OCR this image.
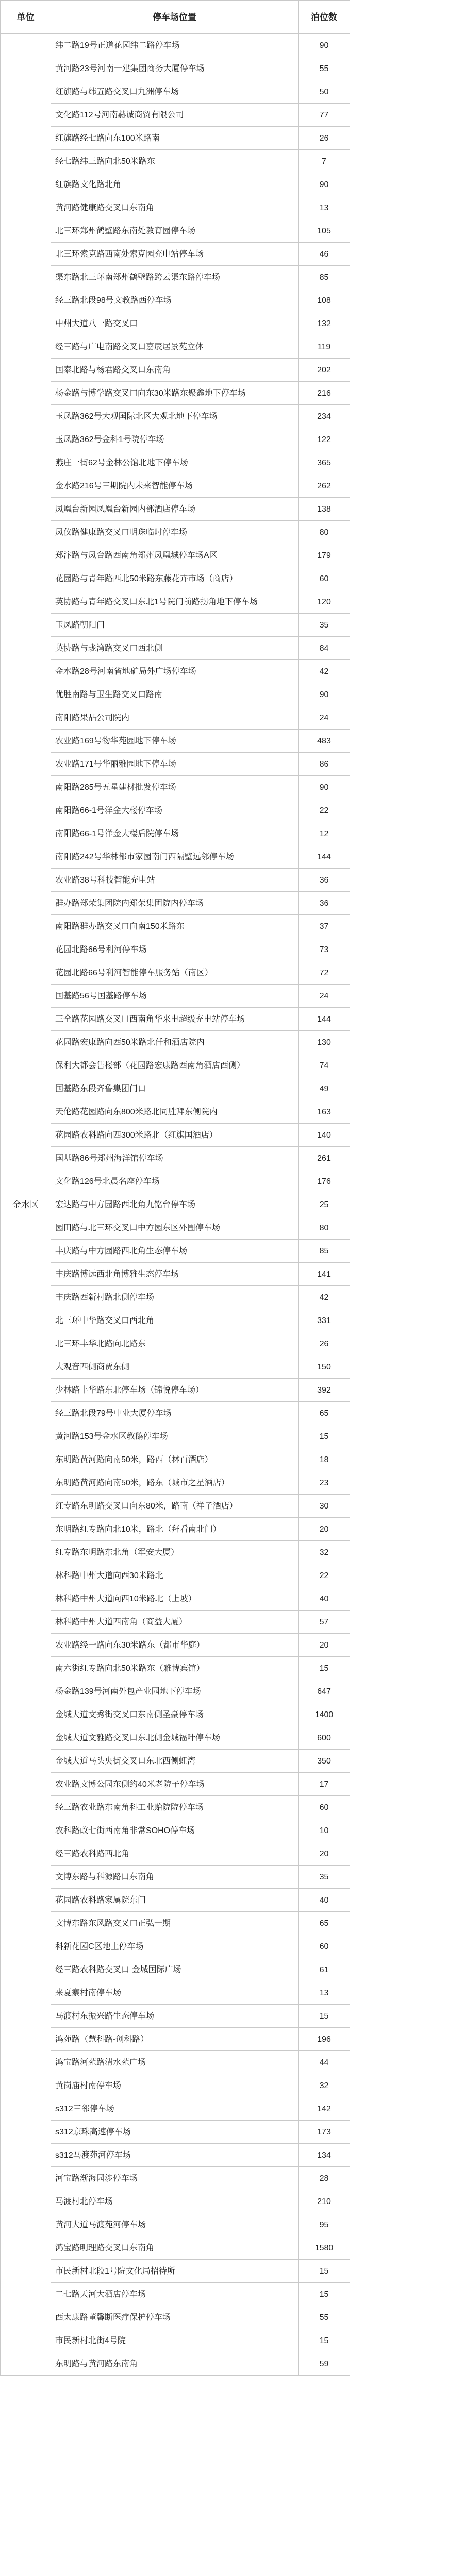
单位	停车场位置	泊位数	
金水区	纬二路19号正道花园纬二路停车场	90	
	黄河路23号河南一建集团商务大厦停车场	55	
	红旗路与纬五路交叉口九洲停车场	50	
	文化路112号河南赫诚商贸有限公司	77	
	红旗路经七路向东100米路南	26	
	经七路纬三路向北50米路东	7	
	红旗路文化路北角	90	
	黄河路健康路交叉口东南角	13	
	北三环郑州鹤壁路东南处教育园停车场	105	
	北三环索克路西南处索克园充电站停车场	46	
	渠东路北三环南郑州鹤壁路跨云渠东路停车场	85	
	经三路北段98号文教路西停车场	108	
	中州大道八一路交叉口	132	
	经三路与广电南路交叉口嘉辰居景苑立体	119	
	国泰北路与杨君路交叉口东南角	202	
	杨金路与博学路交叉口向东30米路东聚鑫地下停车场	216	
	玉凤路362号大观国际北区大观北地下停车场	234	
	玉凤路362号金科1号院停车场	122	
	燕庄一街62号金林公馆北地下停车场	365	
	金水路216号三期院内未来智能停车场	262	
	凤凰台新园凤凰台新园内部酒店停车场	138	
	凤仪路健康路交叉口明珠临时停车场	80	
	郑汴路与凤台路西南角郑州凤凰城停车场A区	179	
	花园路与青年路西北50米路东藤花卉市场（商店）	60	
	英协路与青年路交叉口东北1号院门前路拐角地下停车场	120	
	玉凤路朝阳门	35	
	英协路与珑湾路交叉口西北侧	84	
	金水路28号河南省地矿局外广场停车场	42	
	优胜南路与卫生路交叉口路南	90	
	南阳路果品公司院内	24	
	农业路169号物华苑园地下停车场	483	
	农业路171号华丽雅园地下停车场	86	
	南阳路285号五星建材批发停车场	90	
	南阳路66-1号洋金大楼停车场	22	
	南阳路66-1号洋金大楼后院停车场	12	
	南阳路242号华林都市家园南门西隔壁远邻停车场	144	
	农业路38号科技智能充电站	36	
	群办路郑荣集团院内郑荣集团院内停车场	36	
	南阳路群办路交叉口向南150米路东	37	
	花园北路66号利河停车场	73	
	花园北路66号利河智能停车服务站（南区）	72	
	国基路56号国基路停车场	24	
	三全路花园路交叉口西南角华来电超级充电站停车场	144	
	花园路宏康路向西50米路北仟和酒店院内	130	
	保利大都会售楼部（花园路宏康路西南角酒店西侧）	74	
	国基路东段齐鲁集团门口	49	
	天伦路花园路向东800米路北同胜拜东侧院内	163	
	花园路农科路向西300米路北（红旗国酒店）	140	
	国基路86号郑州海洋馆停车场	261	
	文化路126号北晨名座停车场	176	
	宏达路与中方园路西北角九铭台停车场	25	
	园田路与北三环交叉口中方园东区外围停车场	80	
	丰庆路与中方园路西北角生态停车场	85	
	丰庆路博远西北角博雅生态停车场	141	
	丰庆路西新村路北侧停车场	42	
	北三环中华路交叉口西北角	331	
	北三环丰华北路向北路东	26	
	大观音西侧商贾东侧	150	
	少林路丰华路东北停车场（锦悦停车场）	392	
	经三路北段79号中业大厦停车场	65	
	黄河路153号金水区教鹅停车场	15	
	东明路黄河路向南50米，路西（林百酒店）	18	
	东明路黄河路向南50米，路东（城市之星酒店）	23	
	红专路东明路交叉口向东80米，路南（祥子酒店）	30	
	东明路红专路向北10米，路北（拜看南北门）	20	
	红专路东明路东北角（军安大厦）	32	
	林科路中州大道向西30米路北	22	
	林科路中州大道向西10米路北（上坡）	40	
	林科路中州大道西南角（商益大厦）	57	
	农业路经一路向东30米路东（都市华庭）	20	
	南六街红专路向北50米路东（雅博宾馆）	15	
	杨金路139号河南外包产业园地下停车场	647	
	金城大道文秀街交叉口东南侧圣豪停车场	1400	
	金城大道文雅路交叉口东北侧金城福叶停车场	600	
	金城大道马头央街交叉口东北西侧虹湾	350	
	农业路文博公园东侧约40米老院子停车场	17	
	经三路农业路东南角科工业贻院院停车场	60	
	农科路政七街西南角非常SOHO停车场	10	
	经三路农科路西北角	20	
	文博东路与科源路口东南角	35	
	花园路农科路家属院东门	40	
	文博东路东风路交叉口正弘一期	65	
	科新花园C区地上停车场	60	
	经三路农科路交叉口 金城国际广场	61	
	来夏寨村南停车场	13	
	马渡村东振兴路生态停车场	15	
	鸿苑路（慧科路-创科路）	196	
	鸿宝路河苑路清水苑广场	44	
	黄岗庙村南停车场	32	
	s312三邻停车场	142	
	s312京珠高速停车场	173	
	s312马渡苑河停车场	134	
	河宝路渐海园涉停车场	28	
	马渡村北停车场	210	
	黄河大道马渡苑河停车场	95	
	鸿宝路明理路交叉口东南角	1580	
	市民新村北段1号院文化局招待所	15	
	二七路天河大酒店停车场	15	
	西太康路董馨断医疗保护停车场	55	
	市民新村北街4号院	15	
	东明路与黄河路东南角	59	
